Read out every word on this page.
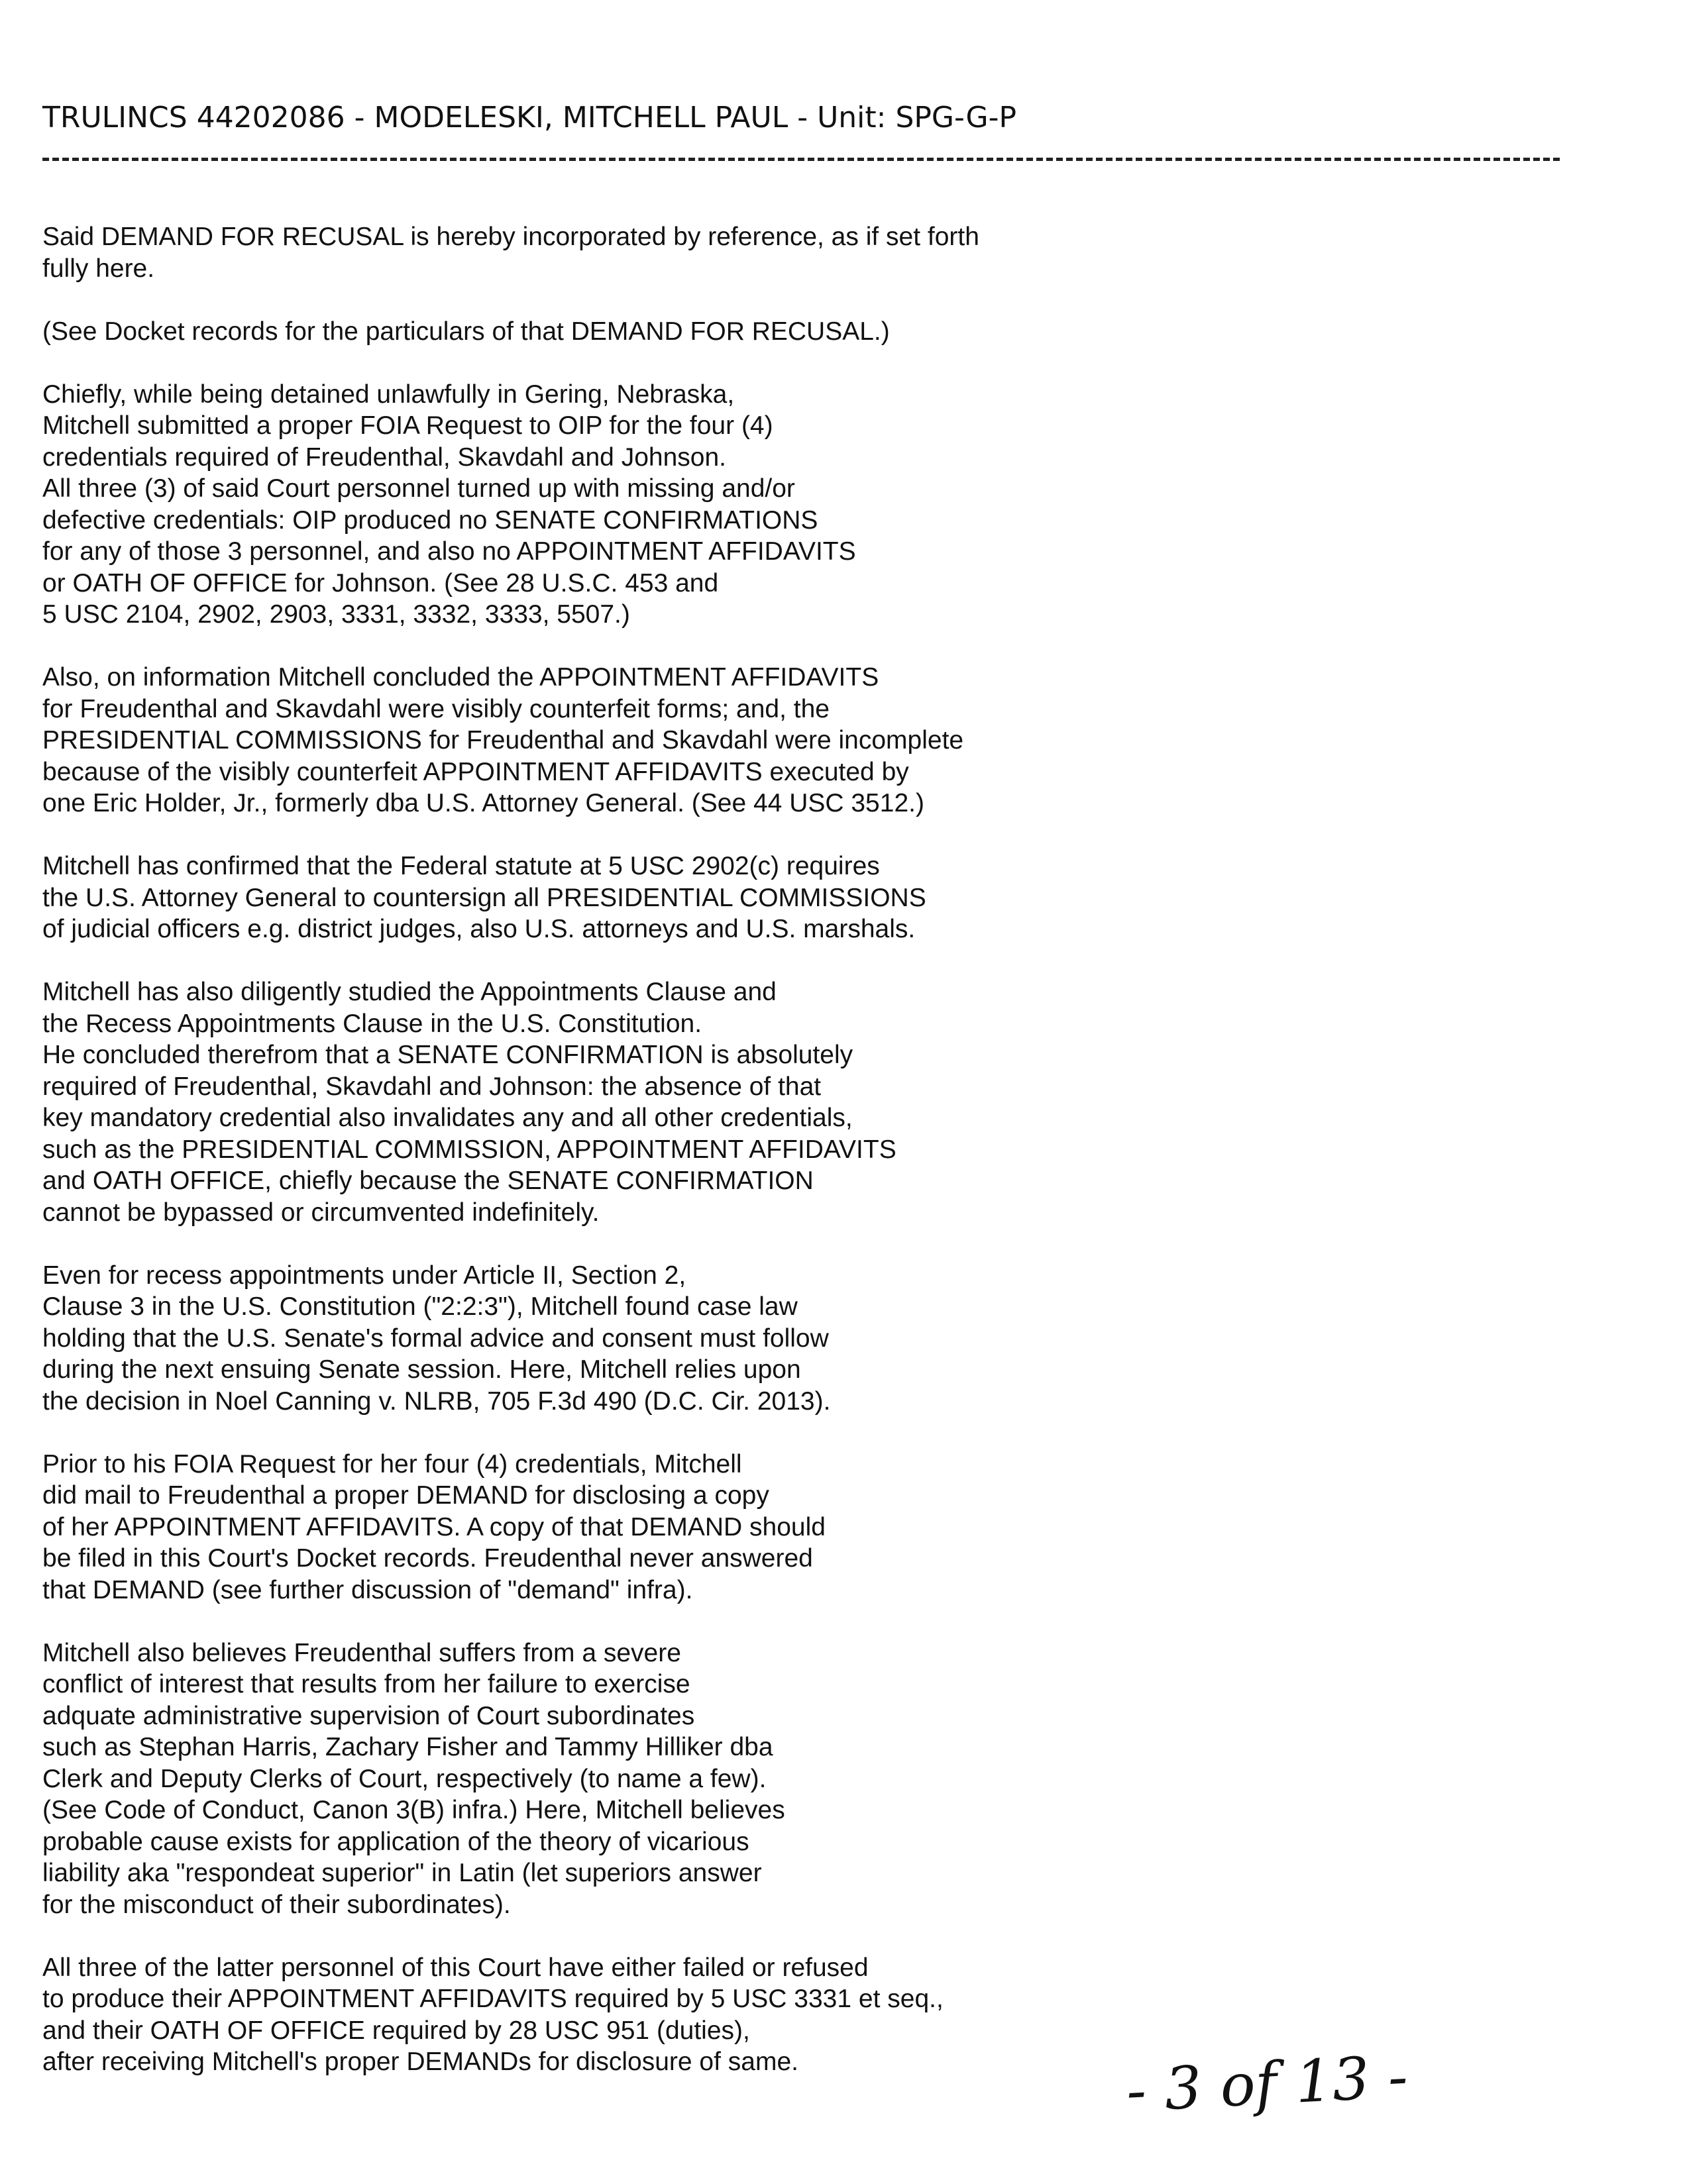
TRULINCS 44202086 - MODELESKI, MITCHELL PAUL - Unit: SPG-G-P
Said DEMAND FOR RECUSAL is hereby incorporated by reference, as if set forth
fully here.
(See Docket records for the particulars of that DEMAND FOR RECUSAL.)
Chiefly, while being detained unlawfully in Gering, Nebraska,
Mitchell submitted a proper FOIA Request to OIP for the four (4)
credentials required of Freudenthal, Skavdahl and Johnson.
All three (3) of said Court personnel turned up with missing and/or
defective credentials: OIP produced no SENATE CONFIRMATIONS
for any of those 3 personnel, and also no APPOINTMENT AFFIDAVITS
or OATH OF OFFICE for Johnson. (See 28 U.S.C. 453 and
5 USC 2104, 2902, 2903, 3331, 3332, 3333, 5507.)
Also, on information Mitchell concluded the APPOINTMENT AFFIDAVITS
for Freudenthal and Skavdahl were visibly counterfeit forms; and, the
PRESIDENTIAL COMMISSIONS for Freudenthal and Skavdahl were incomplete
because of the visibly counterfeit APPOINTMENT AFFIDAVITS executed by
one Eric Holder, Jr., formerly dba U.S. Attorney General. (See 44 USC 3512.)
Mitchell has confirmed that the Federal statute at 5 USC 2902(c) requires
the U.S. Attorney General to countersign all PRESIDENTIAL COMMISSIONS
of judicial officers e.g. district judges, also U.S. attorneys and U.S. marshals.
Mitchell has also diligently studied the Appointments Clause and
the Recess Appointments Clause in the U.S. Constitution.
He concluded therefrom that a SENATE CONFIRMATION is absolutely
required of Freudenthal, Skavdahl and Johnson: the absence of that
key mandatory credential also invalidates any and all other credentials,
such as the PRESIDENTIAL COMMISSION, APPOINTMENT AFFIDAVITS
and OATH OFFICE, chiefly because the SENATE CONFIRMATION
cannot be bypassed or circumvented indefinitely.
Even for recess appointments under Article II, Section 2,
Clause 3 in the U.S. Constitution ("2:2:3"), Mitchell found case law
holding that the U.S. Senate's formal advice and consent must follow
during the next ensuing Senate session. Here, Mitchell relies upon
the decision in Noel Canning v. NLRB, 705 F.3d 490 (D.C. Cir. 2013).
Prior to his FOIA Request for her four (4) credentials, Mitchell
did mail to Freudenthal a proper DEMAND for disclosing a copy
of her APPOINTMENT AFFIDAVITS. A copy of that DEMAND should
be filed in this Court's Docket records. Freudenthal never answered
that DEMAND (see further discussion of "demand" infra).
Mitchell also believes Freudenthal suffers from a severe
conflict of interest that results from her failure to exercise
adquate administrative supervision of Court subordinates
such as Stephan Harris, Zachary Fisher and Tammy Hilliker dba
Clerk and Deputy Clerks of Court, respectively (to name a few).
(See Code of Conduct, Canon 3(B) infra.) Here, Mitchell believes
probable cause exists for application of the theory of vicarious
liability aka "respondeat superior" in Latin (let superiors answer
for the misconduct of their subordinates).
All three of the latter personnel of this Court have either failed or refused
to produce their APPOINTMENT AFFIDAVITS required by 5 USC 3331 et seq.,
and their OATH OF OFFICE required by 28 USC 951 (duties),
after receiving Mitchell's proper DEMANDs for disclosure of same.	- 3 of 13 -
